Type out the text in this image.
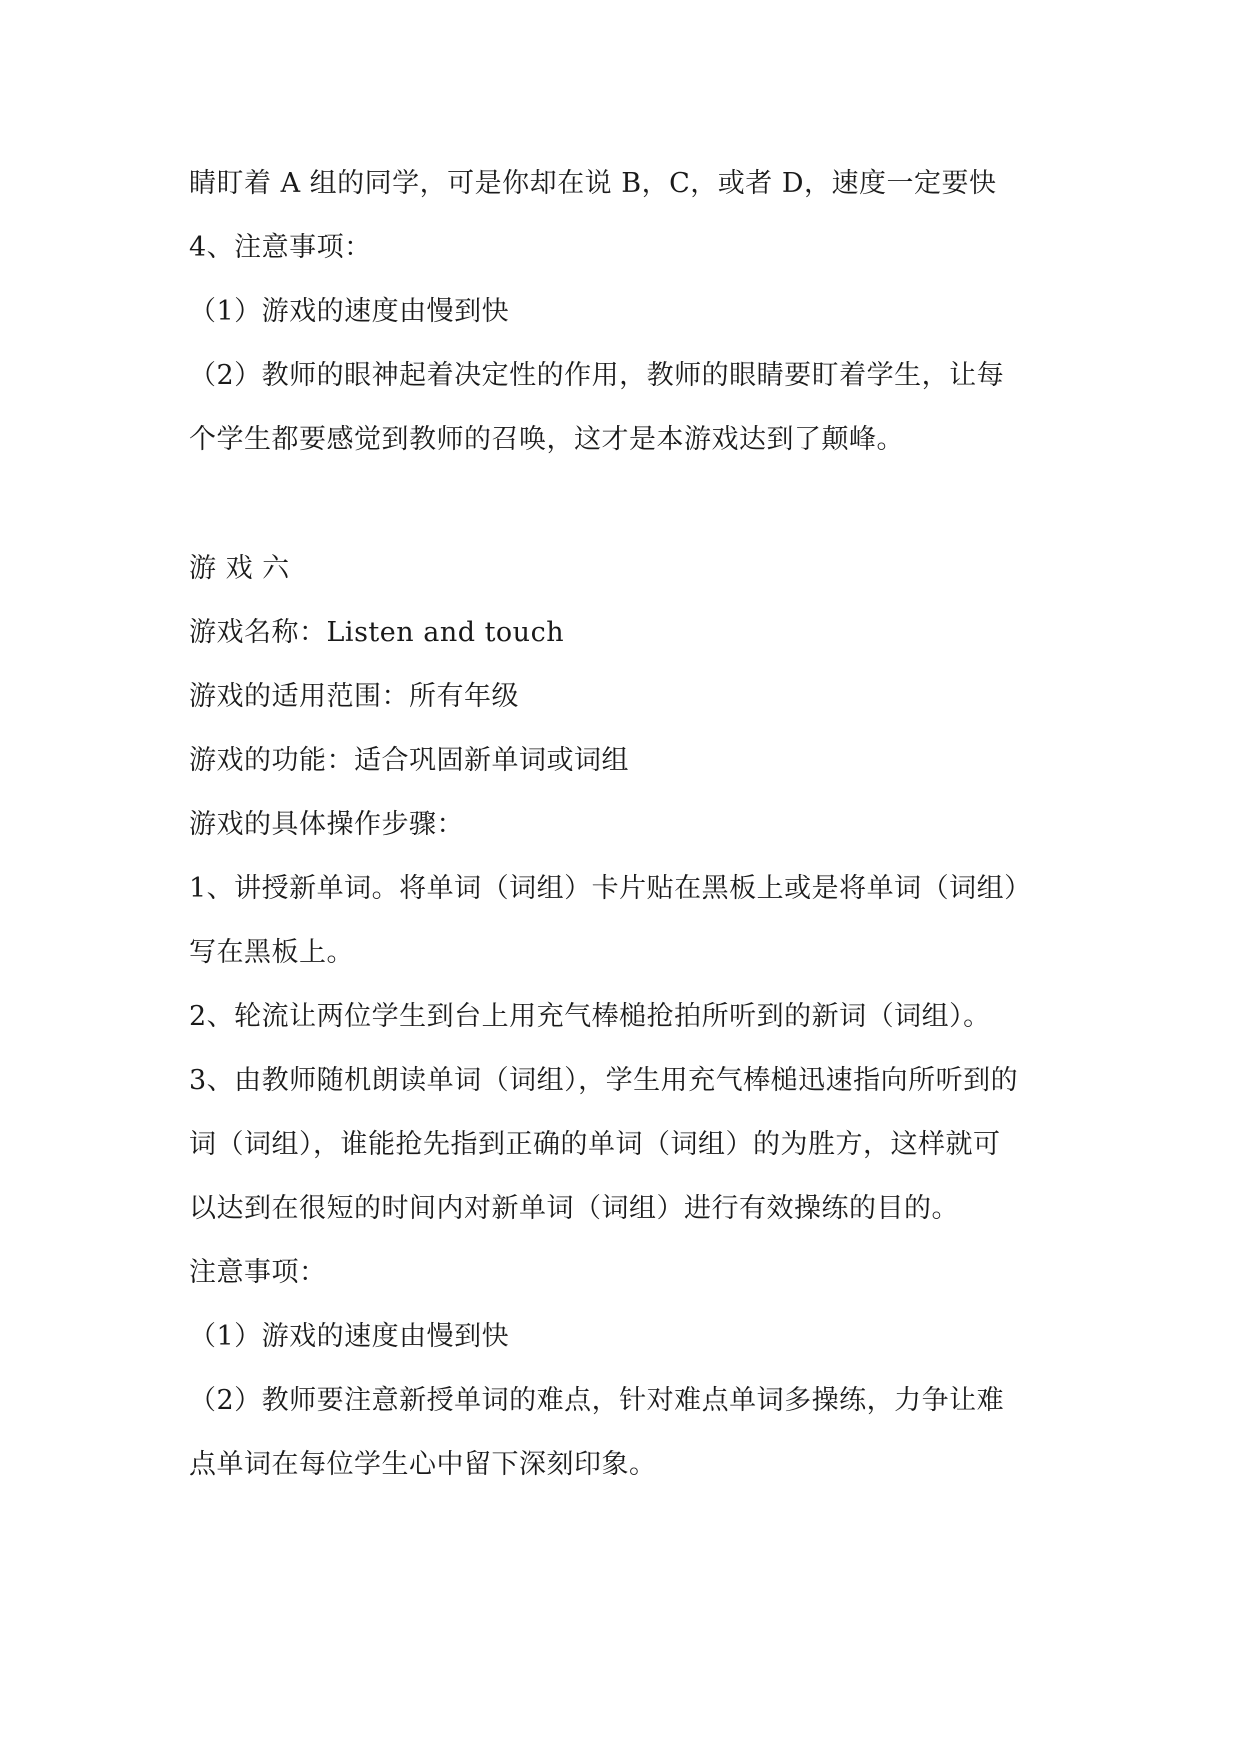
睛盯着 A 组的同学，可是你却在说 B，C，或者 D，速度一定要快
4、注意事项：
（1）游戏的速度由慢到快
（2）教师的眼神起着决定性的作用，教师的眼睛要盯着学生，让每
个学生都要感觉到教师的召唤，这才是本游戏达到了颠峰。
游 戏 六
游戏名称：Listen and touch
游戏的适用范围：所有年级
游戏的功能：适合巩固新单词或词组
游戏的具体操作步骤：
1、讲授新单词。将单词（词组）卡片贴在黑板上或是将单词（词组）
写在黑板上。
2、轮流让两位学生到台上用充气棒槌抢拍所听到的新词（词组）。
3、由教师随机朗读单词（词组），学生用充气棒槌迅速指向所听到的
词（词组），谁能抢先指到正确的单词（词组）的为胜方，这样就可
以达到在很短的时间内对新单词（词组）进行有效操练的目的。
注意事项：
（1）游戏的速度由慢到快
（2）教师要注意新授单词的难点，针对难点单词多操练，力争让难
点单词在每位学生心中留下深刻印象。
